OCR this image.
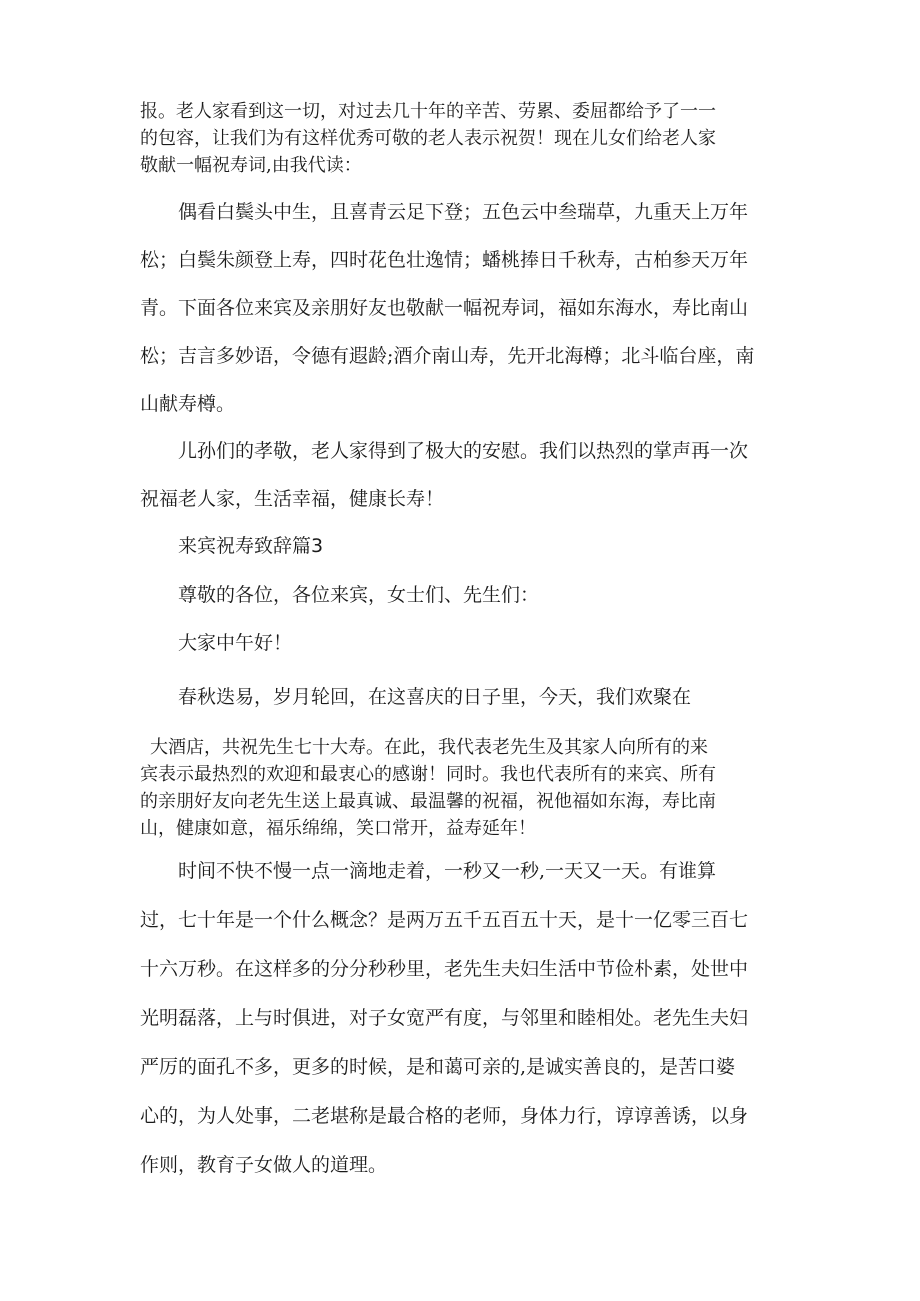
报。老人家看到这一切，对过去几十年的辛苦、劳累、委屈都给予了一一
的包容，让我们为有这样优秀可敬的老人表示祝贺！现在儿女们给老人家
敬献一幅祝寿词,由我代读：
偶看白鬓头中生，且喜青云足下登；五色云中叁瑞草，九重天上万年
松；白鬓朱颜登上寿，四时花色壮逸情；蟠桃捧日千秋寿，古柏参天万年
青。下面各位来宾及亲朋好友也敬献一幅祝寿词，福如东海水，寿比南山
松；吉言多妙语，令德有遐龄;酒介南山寿，先开北海樽；北斗临台座，南
山献寿樽。
儿孙们的孝敬，老人家得到了极大的安慰。我们以热烈的掌声再一次
祝福老人家，生活幸福，健康长寿！
来宾祝寿致辞篇3
尊敬的各位，各位来宾，女士们、先生们：
大家中午好！
春秋迭易，岁月轮回，在这喜庆的日子里，今天，我们欢聚在
大酒店，共祝先生七十大寿。在此，我代表老先生及其家人向所有的来
宾表示最热烈的欢迎和最衷心的感谢！同时。我也代表所有的来宾、所有
的亲朋好友向老先生送上最真诚、最温馨的祝福，祝他福如东海，寿比南
山，健康如意，福乐绵绵，笑口常开，益寿延年！
时间不快不慢一点一滴地走着，一秒又一秒,一天又一天。有谁算
过，七十年是一个什么概念？是两万五千五百五十天，是十一亿零三百七
十六万秒。在这样多的分分秒秒里，老先生夫妇生活中节俭朴素，处世中
光明磊落，上与时俱进，对子女宽严有度，与邻里和睦相处。老先生夫妇
严厉的面孔不多，更多的时候，是和蔼可亲的,是诚实善良的，是苦口婆
心的，为人处事，二老堪称是最合格的老师，身体力行，谆谆善诱，以身
作则，教育子女做人的道理。
